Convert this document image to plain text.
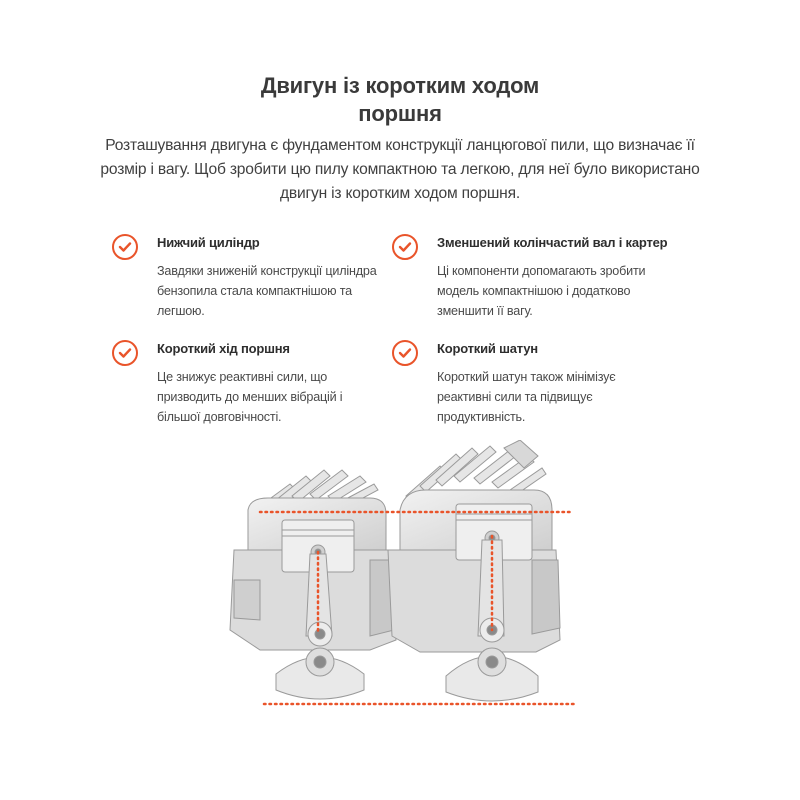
Двигун із коротким ходом
поршня
Розташування двигуна є фундаментом конструкції ланцюгової пили, що визначає її розмір і вагу. Щоб зробити цю пилу компактною та легкою, для неї було використано двигун із коротким ходом поршня.
Нижчий циліндр
Завдяки зниженій конструкції циліндра бензопила стала компактнішою та легшою.
Зменшений колінчастий вал і картер
Ці компоненти допомагають зробити модель компактнішою і додатково зменшити її вагу.
Короткий хід поршня
Це знижує реактивні сили, що призводить до менших вібрацій і більшої довговічності.
Короткий шатун
Короткий шатун також мінімізує реактивні сили та підвищує продуктивність.
